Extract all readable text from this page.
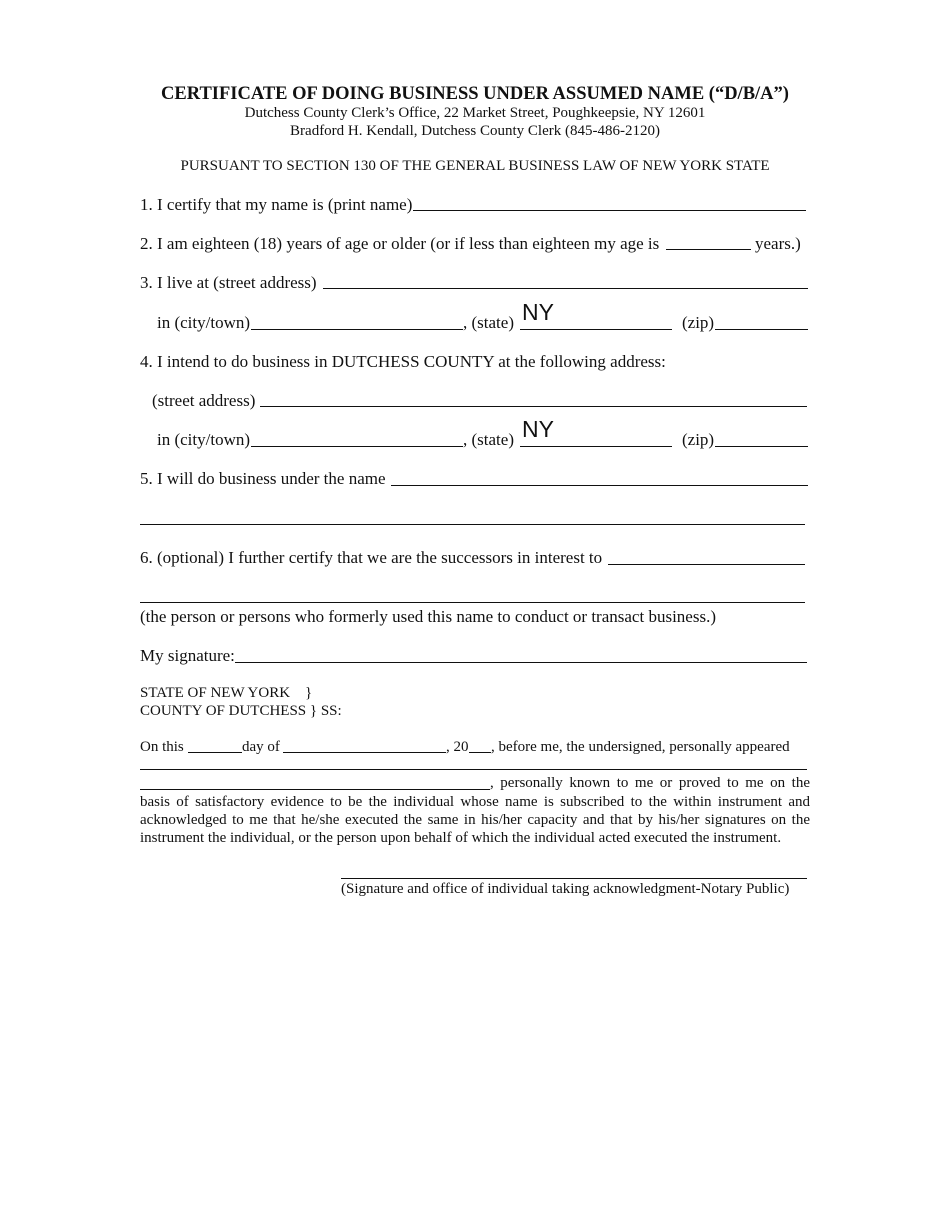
CERTIFICATE OF DOING BUSINESS UNDER ASSUMED NAME (“D/B/A”)
Dutchess County Clerk’s Office, 22 Market Street, Poughkeepsie, NY 12601
Bradford H. Kendall, Dutchess County Clerk (845-486-2120)
PURSUANT TO SECTION 130 OF THE GENERAL BUSINESS LAW OF NEW YORK STATE
1. I certify that my name is (print name)
2. I am eighteen (18) years of age or older (or if less than eighteen my age is	years.)
3. I live at (street address)
in (city/town)	, (state) NY	(zip)
4. I intend to do business in DUTCHESS COUNTY at the following address:
(street address)
in (city/town)	, (state) NY	(zip)
5. I will do business under the name
6. (optional) I further certify that we are the successors in interest to
(the person or persons who formerly used this name to conduct or transact business.)
My signature:
STATE OF NEW YORK    }
COUNTY OF DUTCHESS } SS:
On this	day of	, 20 , before me, the undersigned, personally appeared
, personally known to me or proved to me on the
basis of satisfactory evidence to be the individual whose name is subscribed to the within instrument and acknowledged to me that he/she executed the same in his/her capacity and that by his/her signatures on the instrument the individual, or the person upon behalf of which the individual acted executed the instrument.
(Signature and office of individual taking acknowledgment-Notary Public)
